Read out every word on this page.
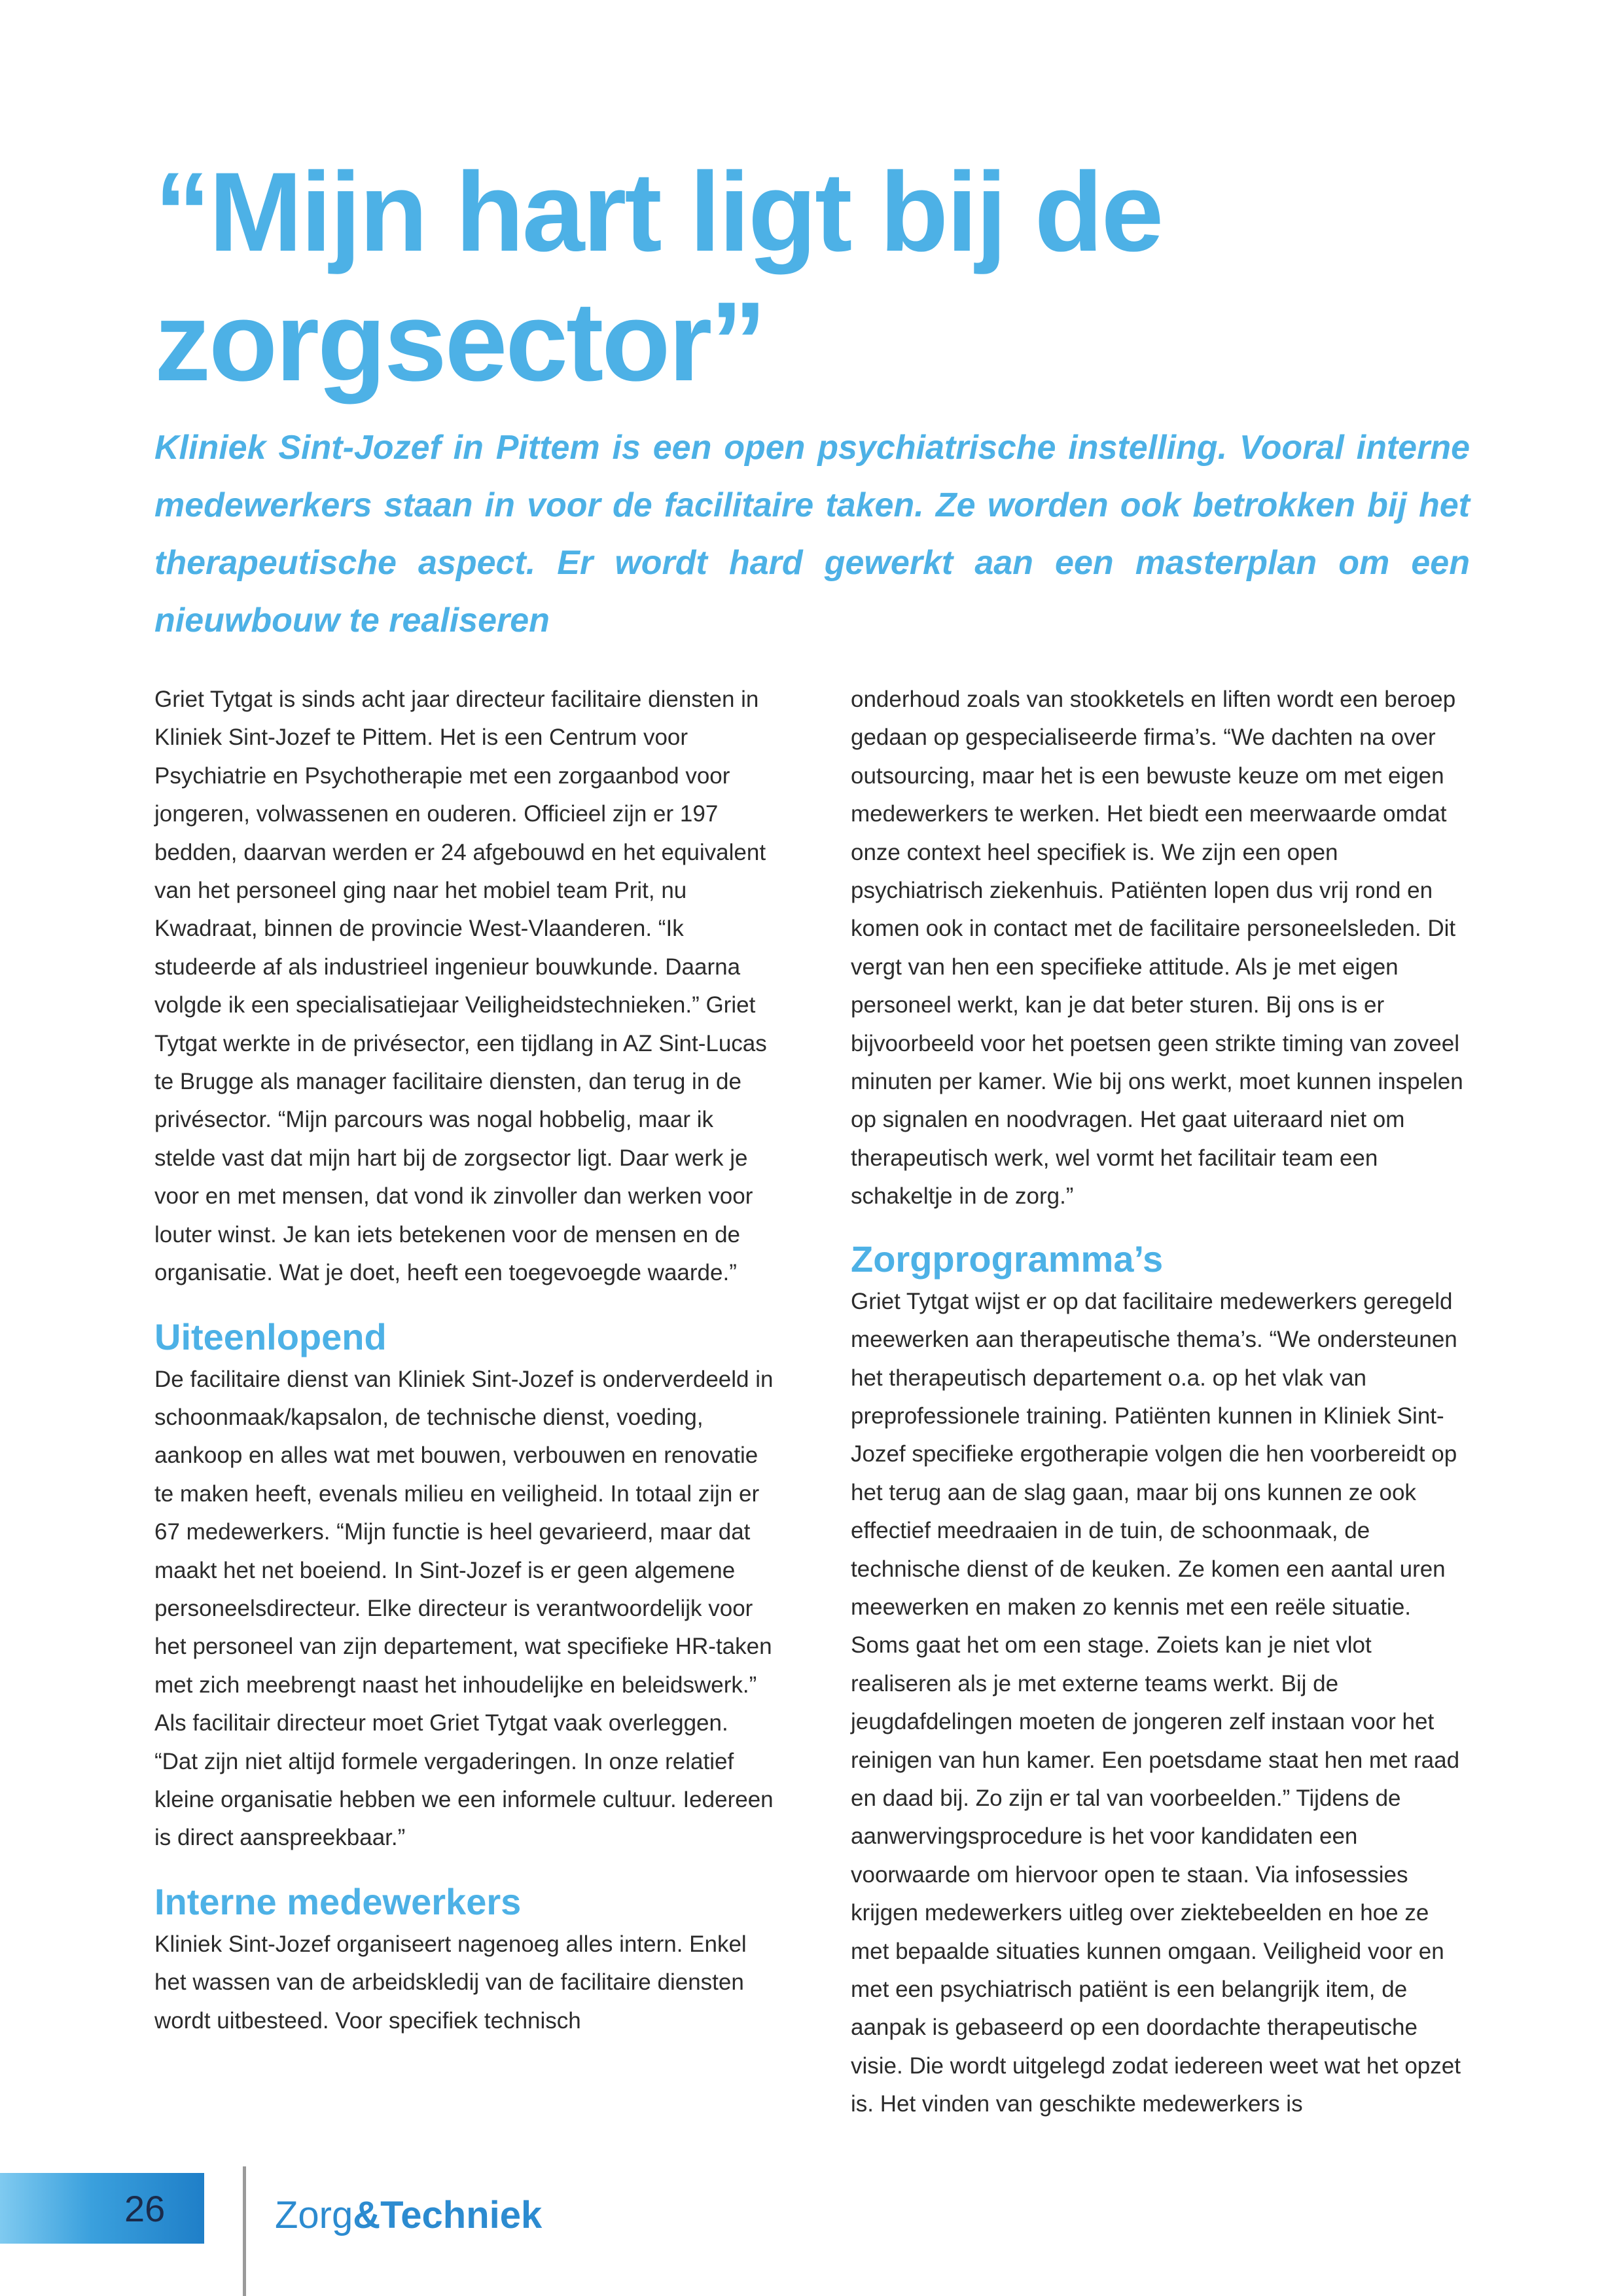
“Mijn hart ligt bij de zorgsector”

Kliniek Sint-Jozef in Pittem is een open psychiatrische instelling. Vooral interne medewerkers staan in voor de facilitaire taken. Ze worden ook betrokken bij het therapeutische aspect. Er wordt hard gewerkt aan een masterplan om een nieuwbouw te realiseren

Griet Tytgat is sinds acht jaar directeur facilitaire diensten in Kliniek Sint-Jozef te Pittem. Het is een Centrum voor Psychiatrie en Psychotherapie met een zorgaanbod voor jongeren, volwassenen en ouderen. Officieel zijn er 197 bedden, daarvan werden er 24 afgebouwd en het equivalent van het personeel ging naar het mobiel team Prit, nu Kwadraat, binnen de provincie West-Vlaanderen. “Ik studeerde af als industrieel ingenieur bouwkunde. Daarna volgde ik een specialisatiejaar Veiligheidstechnieken.” Griet Tytgat werkte in de privésector, een tijdlang in AZ Sint-Lucas te Brugge als manager facilitaire diensten, dan terug in de privésector. “Mijn parcours was nogal hobbelig, maar ik stelde vast dat mijn hart bij de zorgsector ligt. Daar werk je voor en met mensen, dat vond ik zinvoller dan werken voor louter winst. Je kan iets betekenen voor de mensen en de organisatie. Wat je doet, heeft een toegevoegde waarde.”

Uiteenlopend

De facilitaire dienst van Kliniek Sint-Jozef is onderverdeeld in schoonmaak/kapsalon, de technische dienst, voeding, aankoop en alles wat met bouwen, verbouwen en renovatie te maken heeft, evenals milieu en veiligheid. In totaal zijn er 67 medewerkers. “Mijn functie is heel gevarieerd, maar dat maakt het net boeiend. In Sint-Jozef is er geen algemene personeelsdirecteur. Elke directeur is verantwoordelijk voor het personeel van zijn departement, wat specifieke HR-taken met zich meebrengt naast het inhoudelijke en beleidswerk.” Als facilitair directeur moet Griet Tytgat vaak overleggen. “Dat zijn niet altijd formele vergaderingen. In onze relatief kleine organisatie hebben we een informele cultuur. Iedereen is direct aanspreekbaar.”

Interne medewerkers

Kliniek Sint-Jozef organiseert nagenoeg alles intern. Enkel het wassen van de arbeidskledij van de facilitaire diensten wordt uitbesteed. Voor specifiek technisch

onderhoud zoals van stookketels en liften wordt een beroep gedaan op gespecialiseerde firma’s. “We dachten na over outsourcing, maar het is een bewuste keuze om met eigen medewerkers te werken. Het biedt een meerwaarde omdat onze context heel specifiek is. We zijn een open psychiatrisch ziekenhuis. Patiënten lopen dus vrij rond en komen ook in contact met de facilitaire personeelsleden. Dit vergt van hen een specifieke attitude. Als je met eigen personeel werkt, kan je dat beter sturen. Bij ons is er bijvoorbeeld voor het poetsen geen strikte timing van zoveel minuten per kamer. Wie bij ons werkt, moet kunnen inspelen op signalen en noodvragen. Het gaat uiteraard niet om therapeutisch werk, wel vormt het facilitair team een schakeltje in de zorg.”

Zorgprogramma’s

Griet Tytgat wijst er op dat facilitaire medewerkers geregeld meewerken aan therapeutische thema’s. “We ondersteunen het therapeutisch departement o.a. op het vlak van preprofessionele training. Patiënten kunnen in Kliniek Sint-Jozef specifieke ergotherapie volgen die hen voorbereidt op het terug aan de slag gaan, maar bij ons kunnen ze ook effectief meedraaien in de tuin, de schoonmaak, de technische dienst of de keuken. Ze komen een aantal uren meewerken en maken zo kennis met een reële situatie. Soms gaat het om een stage. Zoiets kan je niet vlot realiseren als je met externe teams werkt. Bij de jeugdafdelingen moeten de jongeren zelf instaan voor het reinigen van hun kamer. Een poetsdame staat hen met raad en daad bij. Zo zijn er tal van voorbeelden.” Tijdens de aanwervingsprocedure is het voor kandidaten een voorwaarde om hiervoor open te staan. Via infosessies krijgen medewerkers uitleg over ziektebeelden en hoe ze met bepaalde situaties kunnen omgaan. Veiligheid voor en met een psychiatrisch patiënt is een belangrijk item, de aanpak is gebaseerd op een doordachte therapeutische visie. Die wordt uitgelegd zodat iedereen weet wat het opzet is. Het vinden van geschikte medewerkers is

26	Zorg&Techniek
